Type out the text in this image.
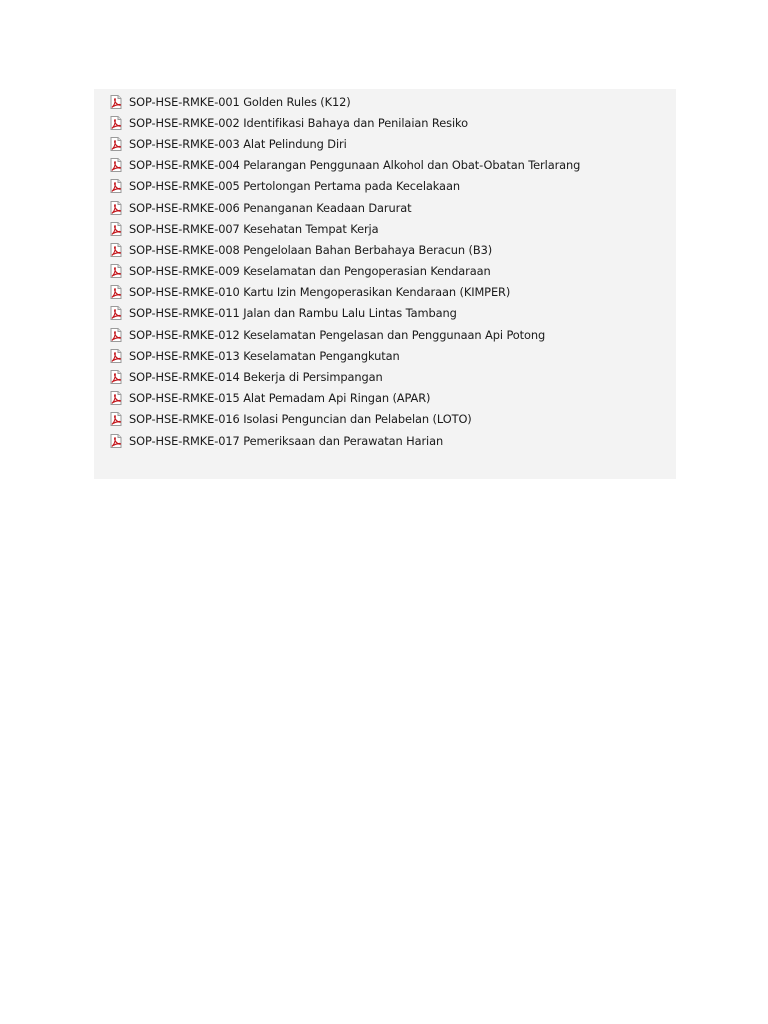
SOP-HSE-RMKE-001 Golden Rules (K12)
SOP-HSE-RMKE-002 Identifikasi Bahaya dan Penilaian Resiko
SOP-HSE-RMKE-003 Alat Pelindung Diri
SOP-HSE-RMKE-004 Pelarangan Penggunaan Alkohol dan Obat-Obatan Terlarang
SOP-HSE-RMKE-005 Pertolongan Pertama pada Kecelakaan
SOP-HSE-RMKE-006 Penanganan Keadaan Darurat
SOP-HSE-RMKE-007 Kesehatan Tempat Kerja
SOP-HSE-RMKE-008 Pengelolaan Bahan Berbahaya Beracun (B3)
SOP-HSE-RMKE-009 Keselamatan dan Pengoperasian Kendaraan
SOP-HSE-RMKE-010 Kartu Izin Mengoperasikan Kendaraan (KIMPER)
SOP-HSE-RMKE-011 Jalan dan Rambu Lalu Lintas Tambang
SOP-HSE-RMKE-012 Keselamatan Pengelasan dan Penggunaan Api Potong
SOP-HSE-RMKE-013 Keselamatan Pengangkutan
SOP-HSE-RMKE-014 Bekerja di Persimpangan
SOP-HSE-RMKE-015 Alat Pemadam Api Ringan (APAR)
SOP-HSE-RMKE-016 Isolasi Penguncian dan Pelabelan (LOTO)
SOP-HSE-RMKE-017 Pemeriksaan dan Perawatan Harian
